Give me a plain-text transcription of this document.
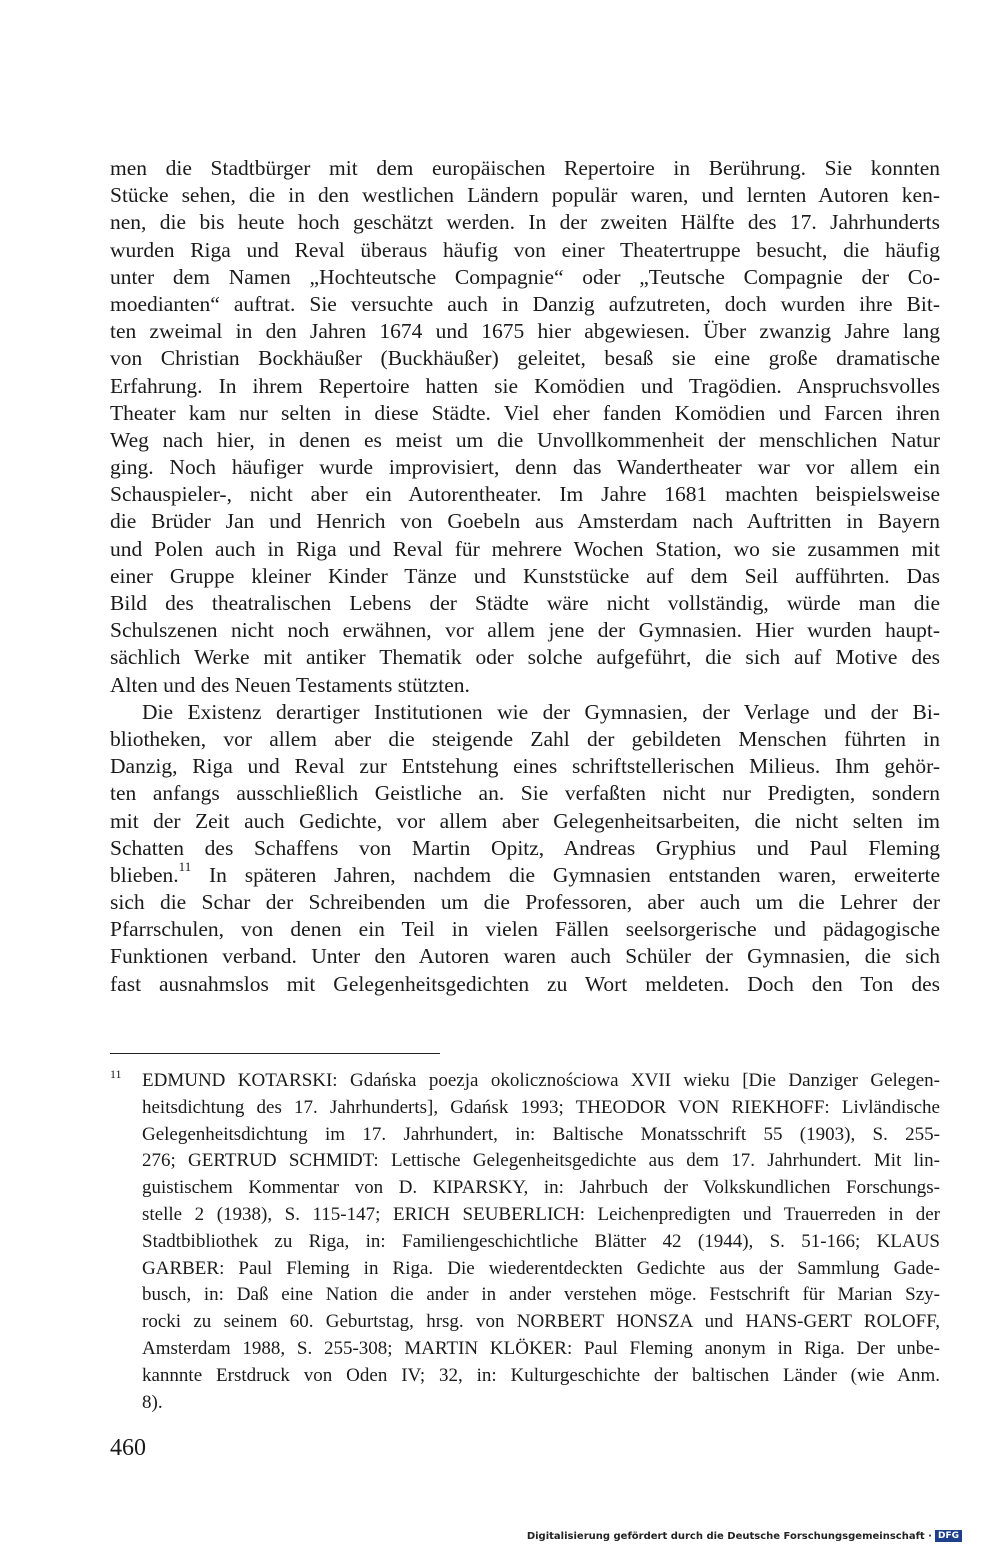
men die Stadtbürger mit dem europäischen Repertoire in Berührung. Sie konnten
Stücke sehen, die in den westlichen Ländern populär waren, und lernten Autoren ken-
nen, die bis heute hoch geschätzt werden. In der zweiten Hälfte des 17. Jahrhunderts
wurden Riga und Reval überaus häufig von einer Theatertruppe besucht, die häufig
unter dem Namen „Hochteutsche Compagnie“ oder „Teutsche Compagnie der Co-
moedianten“ auftrat. Sie versuchte auch in Danzig aufzutreten, doch wurden ihre Bit-
ten zweimal in den Jahren 1674 und 1675 hier abgewiesen. Über zwanzig Jahre lang
von Christian Bockhäußer (Buckhäußer) geleitet, besaß sie eine große dramatische
Erfahrung. In ihrem Repertoire hatten sie Komödien und Tragödien. Anspruchsvolles
Theater kam nur selten in diese Städte. Viel eher fanden Komödien und Farcen ihren
Weg nach hier, in denen es meist um die Unvollkommenheit der menschlichen Natur
ging. Noch häufiger wurde improvisiert, denn das Wandertheater war vor allem ein
Schauspieler-, nicht aber ein Autorentheater. Im Jahre 1681 machten beispielsweise
die Brüder Jan und Henrich von Goebeln aus Amsterdam nach Auftritten in Bayern
und Polen auch in Riga und Reval für mehrere Wochen Station, wo sie zusammen mit
einer Gruppe kleiner Kinder Tänze und Kunststücke auf dem Seil aufführten. Das
Bild des theatralischen Lebens der Städte wäre nicht vollständig, würde man die
Schulszenen nicht noch erwähnen, vor allem jene der Gymnasien. Hier wurden haupt-
sächlich Werke mit antiker Thematik oder solche aufgeführt, die sich auf Motive des
Alten und des Neuen Testaments stützten.
Die Existenz derartiger Institutionen wie der Gymnasien, der Verlage und der Bi-
bliotheken, vor allem aber die steigende Zahl der gebildeten Menschen führten in
Danzig, Riga und Reval zur Entstehung eines schriftstellerischen Milieus. Ihm gehör-
ten anfangs ausschließlich Geistliche an. Sie verfaßten nicht nur Predigten, sondern
mit der Zeit auch Gedichte, vor allem aber Gelegenheitsarbeiten, die nicht selten im
Schatten des Schaffens von Martin Opitz, Andreas Gryphius und Paul Fleming
blieben.$^{11}$ In späteren Jahren, nachdem die Gymnasien entstanden waren, erweiterte
sich die Schar der Schreibenden um die Professoren, aber auch um die Lehrer der
Pfarrschulen, von denen ein Teil in vielen Fällen seelsorgerische und pädagogische
Funktionen verband. Unter den Autoren waren auch Schüler der Gymnasien, die sich
fast ausnahmslos mit Gelegenheitsgedichten zu Wort meldeten. Doch den Ton des
11 EDMUND KOTARSKI: Gdańska poezja okolicznościowa XVII wieku [Die Danziger Gelegen-
heitsdichtung des 17. Jahrhunderts], Gdańsk 1993; THEODOR VON RIEKHOFF: Livländische
Gelegenheitsdichtung im 17. Jahrhundert, in: Baltische Monatsschrift 55 (1903), S. 255-
276; GERTRUD SCHMIDT: Lettische Gelegenheitsgedichte aus dem 17. Jahrhundert. Mit lin-
guistischem Kommentar von D. KIPARSKY, in: Jahrbuch der Volkskundlichen Forschungs-
stelle 2 (1938), S. 115-147; ERICH SEUBERLICH: Leichenpredigten und Trauerreden in der
Stadtbibliothek zu Riga, in: Familiengeschichtliche Blätter 42 (1944), S. 51-166; KLAUS
GARBER: Paul Fleming in Riga. Die wiederentdeckten Gedichte aus der Sammlung Gade-
busch, in: Daß eine Nation die ander in ander verstehen möge. Festschrift für Marian Szy-
rocki zu seinem 60. Geburtstag, hrsg. von NORBERT HONSZA und HANS-GERT ROLOFF,
Amsterdam 1988, S. 255-308; MARTIN KLÖKER: Paul Fleming anonym in Riga. Der unbe-
kannnte Erstdruck von Oden IV; 32, in: Kulturgeschichte der baltischen Länder (wie Anm.
8).
460
Digitalisierung gefördert durch die Deutsche Forschungsgemeinschaft · DFG
